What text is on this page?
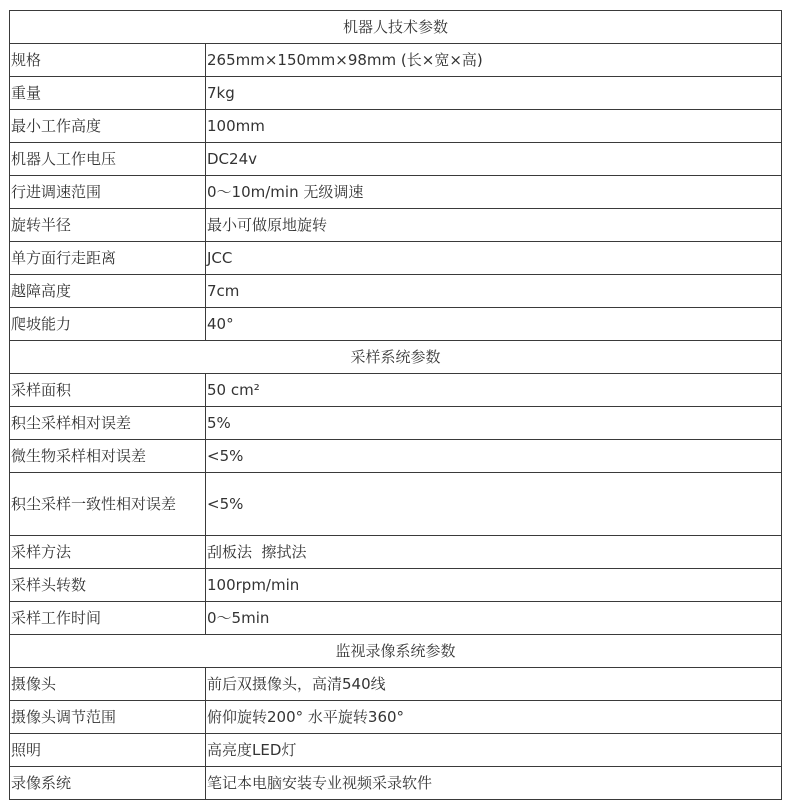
机器人技术参数	
规格	265mm×150mm×98mm (长×宽×高)
重量	7kg
最小工作高度	100mm
机器人工作电压	DC24v
行进调速范围	0～10m/min 无级调速
旋转半径	最小可做原地旋转
单方面行走距离	JCC
越障高度	7cm
爬坡能力	40°
采样系统参数	
采样面积	50 cm²
积尘采样相对误差	5%
微生物采样相对误差	<5%
积尘采样一致性相对误差	<5%
采样方法	刮板法  擦拭法
采样头转数	100rpm/min
采样工作时间	0～5min
监视录像系统参数	
摄像头	前后双摄像头，高清540线
摄像头调节范围	俯仰旋转200° 水平旋转360°
照明	高亮度LED灯
录像系统	笔记本电脑安装专业视频采录软件
